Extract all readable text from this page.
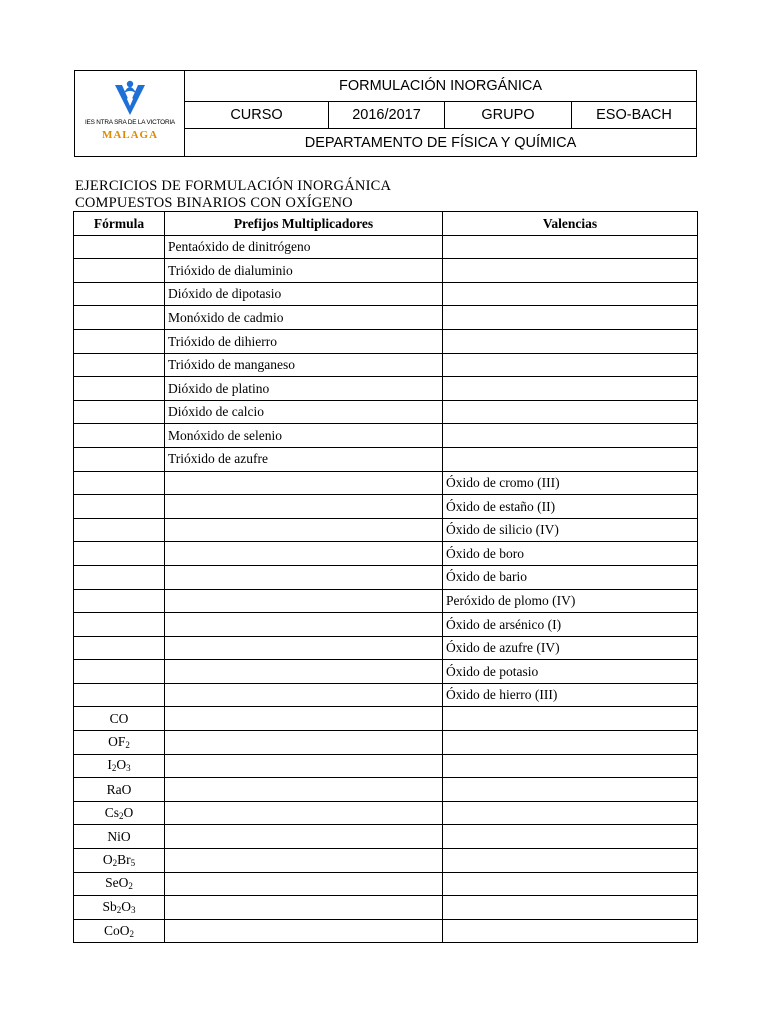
IES NTRA SRA DE LA VICTORIA
MALAGA
FORMULACIÓN INORGÁNICA
CURSO	2016/2017	GRUPO	ESO-BACH
DEPARTAMENTO DE FÍSICA Y QUÍMICA
EJERCICIOS DE FORMULACIÓN INORGÁNICA
COMPUESTOS BINARIOS CON OXÍGENO
Fórmula	Prefijos Multiplicadores	Valencias
	Pentaóxido de dinitrógeno	
	Trióxido de dialuminio	
	Dióxido de dipotasio	
	Monóxido de cadmio	
	Trióxido de dihierro	
	Trióxido de manganeso	
	Dióxido de platino	
	Dióxido de calcio	
	Monóxido de selenio	
	Trióxido de azufre	
		Óxido de cromo (III)
		Óxido de estaño (II)
		Óxido de silicio (IV)
		Óxido de boro
		Óxido de bario
		Peróxido de plomo (IV)
		Óxido de arsénico (I)
		Óxido de azufre (IV)
		Óxido de potasio
		Óxido de hierro (III)
CO		
$OF_2$		
$I_2O_3$		
RaO		
$Cs_2O$		
NiO		
$O_2Br_5$		
SeO$_2$		
$Sb_2O_3$		
CoO$_2$		
